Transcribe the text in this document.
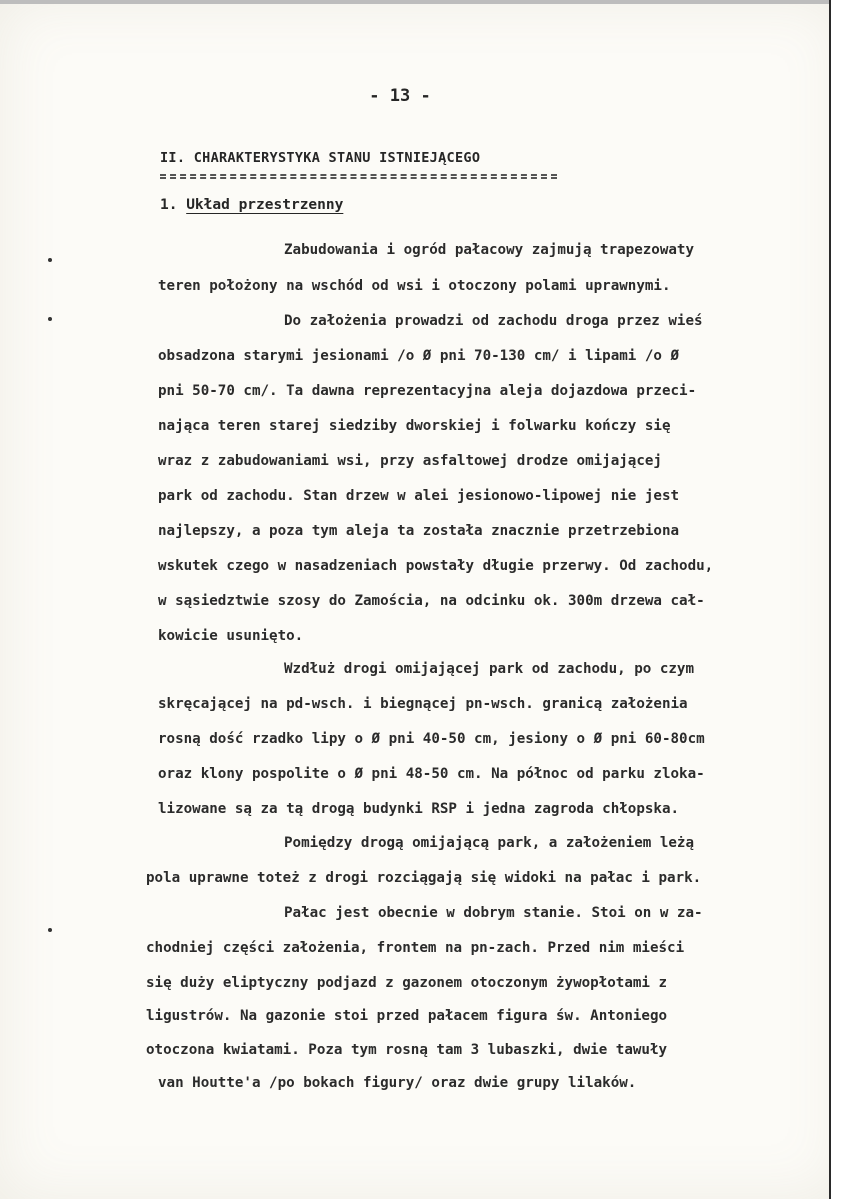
- 13 -
II. CHARAKTERYSTYKA STANU ISTNIEJĄCEGO
1. Układ przestrzenny
Zabudowania i ogród pałacowy zajmują trapezowaty
teren położony na wschód od wsi i otoczony polami uprawnymi.
Do założenia prowadzi od zachodu droga przez wieś
obsadzona starymi jesionami /o Ø pni 70-130 cm/ i lipami /o Ø
pni 50-70 cm/. Ta dawna reprezentacyjna aleja dojazdowa przeci-
nająca teren starej siedziby dworskiej i folwarku kończy się
wraz z zabudowaniami wsi, przy asfaltowej drodze omijającej
park od zachodu. Stan drzew w alei jesionowo-lipowej nie jest
najlepszy, a poza tym aleja ta została znacznie przetrzebiona
wskutek czego w nasadzeniach powstały długie przerwy. Od zachodu,
w sąsiedztwie szosy do Zamościa, na odcinku ok. 300m drzewa cał-
kowicie usunięto.
Wzdłuż drogi omijającej park od zachodu, po czym
skręcającej na pd-wsch. i biegnącej pn-wsch. granicą założenia
rosną dość rzadko lipy o Ø pni 40-50 cm, jesiony o Ø pni 60-80cm
oraz klony pospolite o Ø pni 48-50 cm. Na północ od parku zloka-
lizowane są za tą drogą budynki RSP i jedna zagroda chłopska.
Pomiędzy drogą omijającą park, a założeniem leżą
pola uprawne toteż z drogi rozciągają się widoki na pałac i park.
Pałac jest obecnie w dobrym stanie. Stoi on w za-
chodniej części założenia, frontem na pn-zach. Przed nim mieści
się duży eliptyczny podjazd z gazonem otoczonym żywopłotami z
ligustrów. Na gazonie stoi przed pałacem figura św. Antoniego
otoczona kwiatami. Poza tym rosną tam 3 lubaszki, dwie tawuły
van Houtte'a /po bokach figury/ oraz dwie grupy lilaków.
